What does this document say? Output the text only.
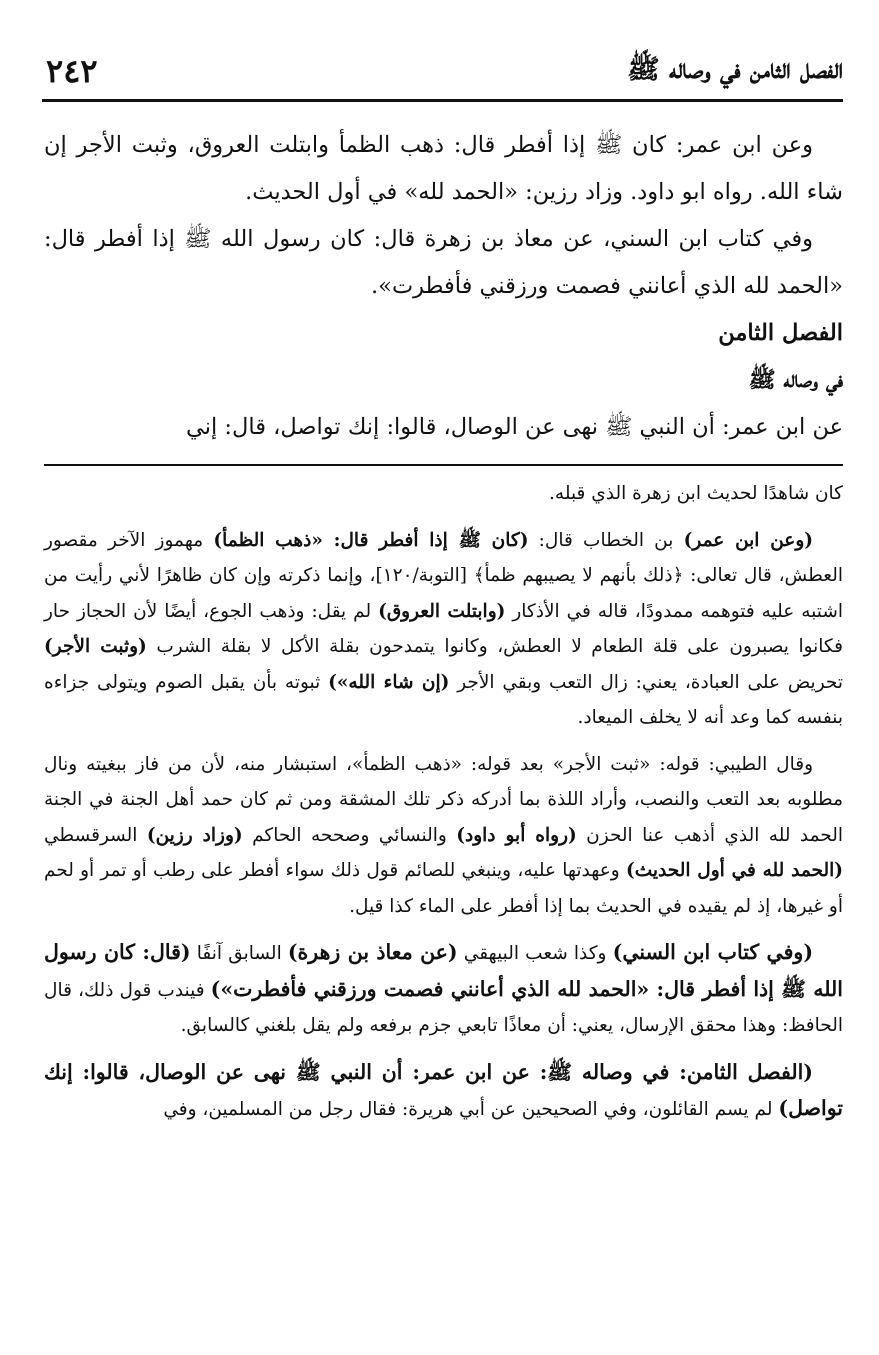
٢٤٢	الفصل الثامن في وصاله ﷺ

وعن ابن عمر: كان ﷺ إذا أفطر قال: ذهب الظمأ وابتلت العروق، وثبت الأجر إن شاء الله. رواه ابو داود. وزاد رزين: «الحمد لله» في أول الحديث.

وفي كتاب ابن السني، عن معاذ بن زهرة قال: كان رسول الله ﷺ إذا أفطر قال: «الحمد لله الذي أعانني فصمت ورزقني فأفطرت».

الفصل الثامن

في وصاله ﷺ

عن ابن عمر: أن النبي ﷺ نهى عن الوصال، قالوا: إنك تواصل، قال: إني

كان شاهدًا لحديث ابن زهرة الذي قبله.

(وعن ابن عمر) بن الخطاب قال: (كان ﷺ إذا أفطر قال: «ذهب الظمأ) مهموز الآخر مقصور العطش، قال تعالى: ﴿ذلك بأنهم لا يصيبهم ظمأ﴾ [التوبة/١٢٠]، وإنما ذكرته وإن كان ظاهرًا لأني رأيت من اشتبه عليه فتوهمه ممدودًا، قاله في الأذكار (وابتلت العروق) لم يقل: وذهب الجوع، أيضًا لأن الحجاز حار فكانوا يصبرون على قلة الطعام لا العطش، وكانوا يتمدحون بقلة الأكل لا بقلة الشرب (وثبت الأجر) تحريض على العبادة، يعني: زال التعب وبقي الأجر (إن شاء الله») ثبوته بأن يقبل الصوم ويتولى جزاءه بنفسه كما وعد أنه لا يخلف الميعاد.

وقال الطيبي: قوله: «ثبت الأجر» بعد قوله: «ذهب الظمأ»، استبشار منه، لأن من فاز ببغيته ونال مطلوبه بعد التعب والنصب، وأراد اللذة بما أدركه ذكر تلك المشقة ومن ثم كان حمد أهل الجنة في الجنة الحمد لله الذي أذهب عنا الحزن (رواه أبو داود) والنسائي وصححه الحاكم (وزاد رزين) السرقسطي (الحمد لله في أول الحديث) وعهدتها عليه، وينبغي للصائم قول ذلك سواء أفطر على رطب أو تمر أو لحم أو غيرها، إذ لم يقيده في الحديث بما إذا أفطر على الماء كذا قيل.

(وفي كتاب ابن السني) وكذا شعب البيهقي (عن معاذ بن زهرة) السابق آنفًا (قال: كان رسول الله ﷺ إذا أفطر قال: «الحمد لله الذي أعانني فصمت ورزقني فأفطرت») فيندب قول ذلك، قال الحافظ: وهذا محقق الإرسال، يعني: أن معاذًا تابعي جزم برفعه ولم يقل بلغني كالسابق.

(الفصل الثامن: في وصاله ﷺ: عن ابن عمر: أن النبي ﷺ نهى عن الوصال، قالوا: إنك تواصل) لم يسم القائلون، وفي الصحيحين عن أبي هريرة: فقال رجل من المسلمين، وفي
